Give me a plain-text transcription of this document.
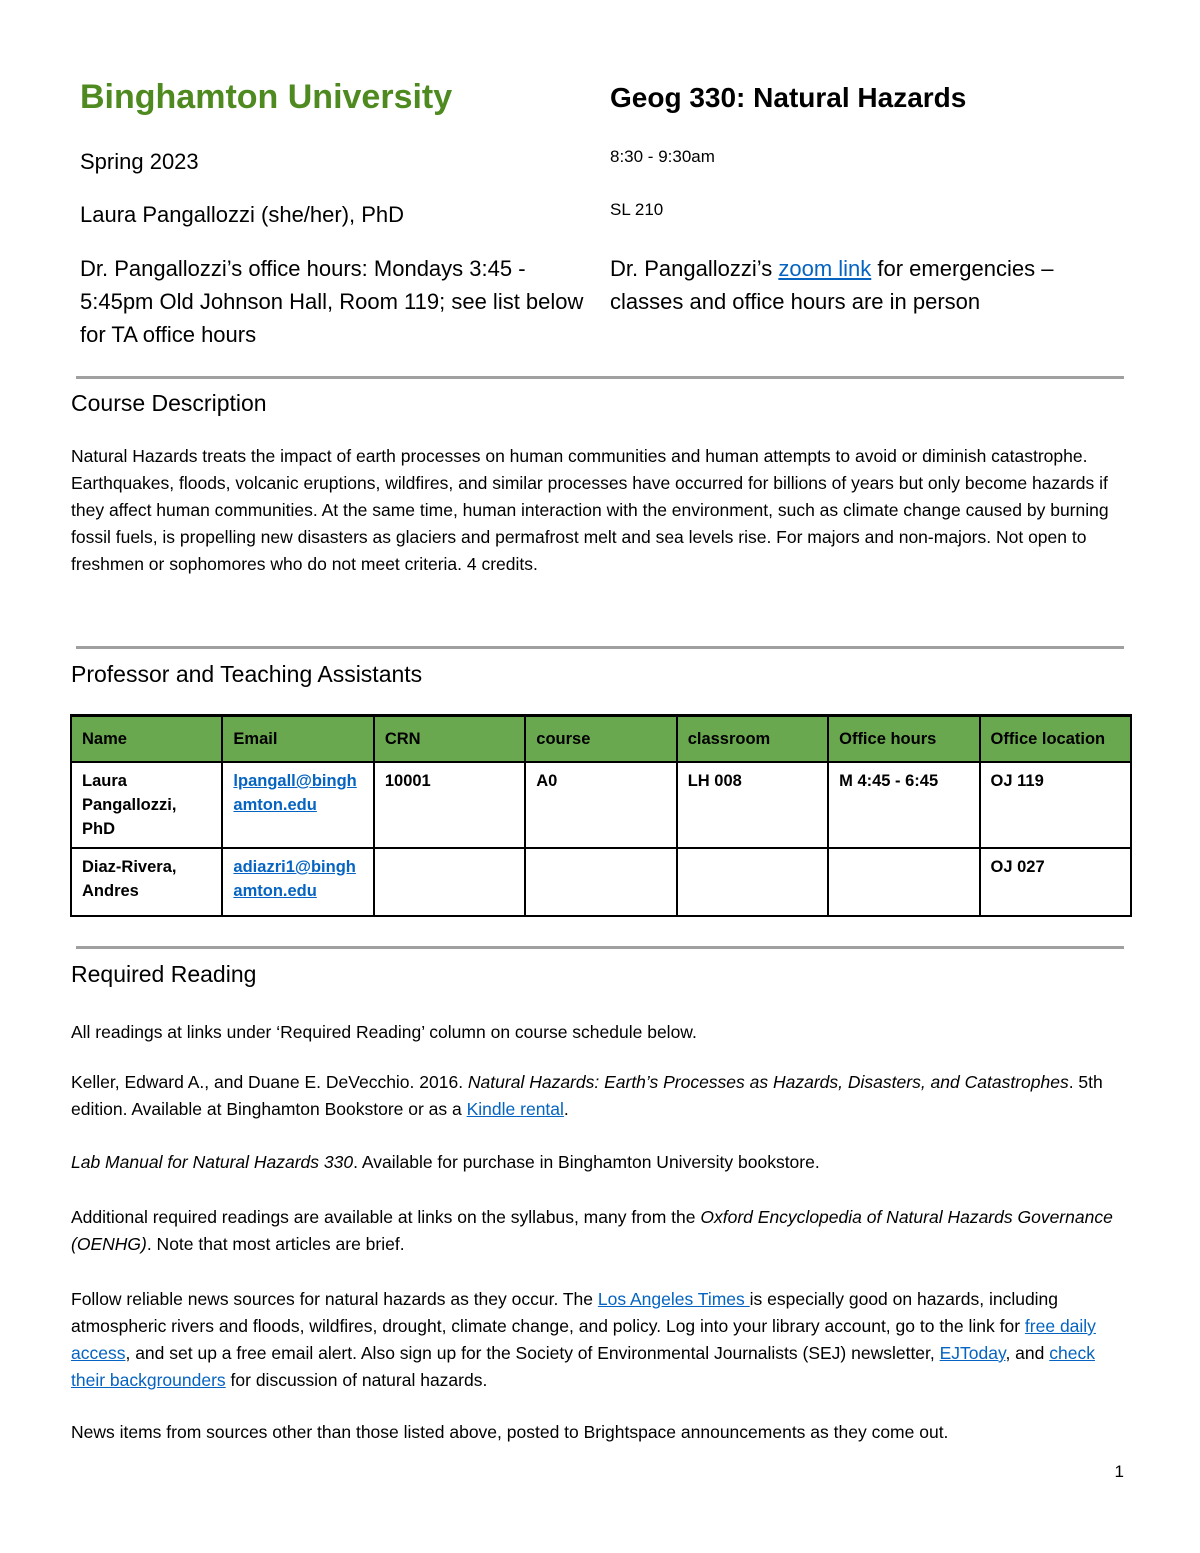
Binghamton University	Geog 330: Natural Hazards
Spring 2023
Laura Pangallozzi (she/her), PhD
Dr. Pangallozzi’s office hours: Mondays 3:45 - 5:45pm Old Johnson Hall, Room 119; see list below for TA office hours
8:30 - 9:30am
SL 210
Dr. Pangallozzi’s zoom link for emergencies – classes and office hours are in person
Course Description
Natural Hazards treats the impact of earth processes on human communities and human attempts to avoid or diminish catastrophe. Earthquakes, floods, volcanic eruptions, wildfires, and similar processes have occurred for billions of years but only become hazards if they affect human communities. At the same time, human interaction with the environment, such as climate change caused by burning fossil fuels, is propelling new disasters as glaciers and permafrost melt and sea levels rise. For majors and non-majors. Not open to freshmen or sophomores who do not meet criteria. 4 credits.
Professor and Teaching Assistants
Name	Email	CRN	course	classroom	Office hours	Office location
Laura Pangallozzi, PhD	lpangall@binghamton.edu	10001	A0	LH 008	M 4:45 - 6:45	OJ 119
Diaz-Rivera, Andres	adiazri1@binghamton.edu					OJ 027
Required Reading
All readings at links under ‘Required Reading’ column on course schedule below.
Keller, Edward A., and Duane E. DeVecchio. 2016. Natural Hazards: Earth’s Processes as Hazards, Disasters, and Catastrophes. 5th edition. Available at Binghamton Bookstore or as a Kindle rental.
Lab Manual for Natural Hazards 330. Available for purchase in Binghamton University bookstore.
Additional required readings are available at links on the syllabus, many from the Oxford Encyclopedia of Natural Hazards Governance (OENHG). Note that most articles are brief.
Follow reliable news sources for natural hazards as they occur. The Los Angeles Times is especially good on hazards, including atmospheric rivers and floods, wildfires, drought, climate change, and policy. Log into your library account, go to the link for free daily access, and set up a free email alert. Also sign up for the Society of Environmental Journalists (SEJ) newsletter, EJToday, and check their backgrounders for discussion of natural hazards.
News items from sources other than those listed above, posted to Brightspace announcements as they come out.
1
